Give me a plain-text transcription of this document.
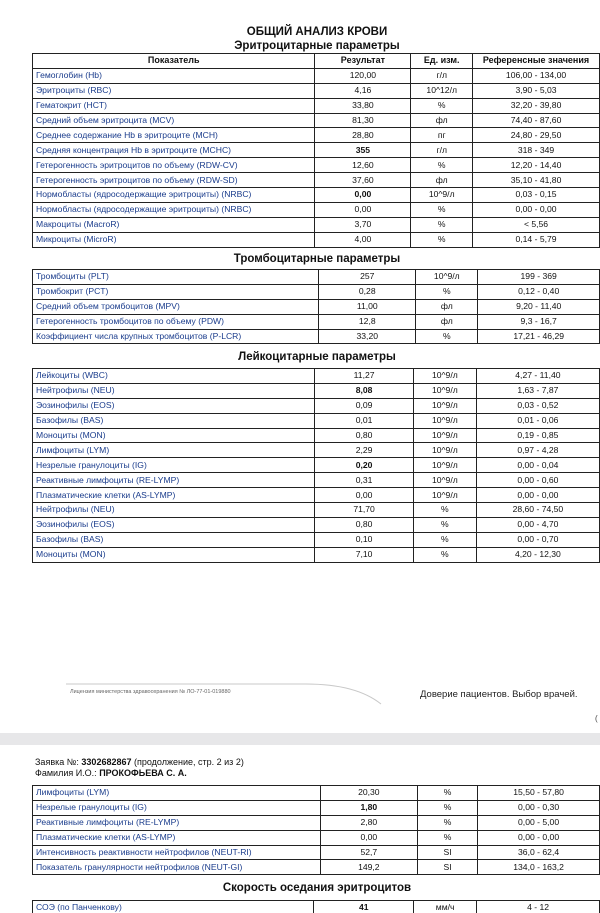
ОБЩИЙ АНАЛИЗ КРОВИ
Эритроцитарные параметры
Показатель	Результат	Ед. изм.	Референсные значения
Гемоглобин (Hb)	120,00	г/л	106,00 - 134,00
Эритроциты (RBC)	4,16	10^12/л	3,90 - 5,03
Гематокрит (HCT)	33,80	%	32,20 - 39,80
Средний объем эритроцита (MCV)	81,30	фл	74,40 - 87,60
Среднее содержание Hb в эритроците (MCH)	28,80	пг	24,80 - 29,50
Средняя концентрация Hb в эритроците (MCHC)	355	г/л	318 - 349
Гетерогенность эритроцитов по объему (RDW-CV)	12,60	%	12,20 - 14,40
Гетерогенность эритроцитов по объему (RDW-SD)	37,60	фл	35,10 - 41,80
Нормобласты (ядросодержащие эритроциты) (NRBC)	0,00	10^9/л	0,03 - 0,15
Нормобласты (ядросодержащие эритроциты) (NRBC)	0,00	%	0,00 - 0,00
Макроциты (MacroR)	3,70	%	< 5,56
Микроциты (MicroR)	4,00	%	0,14 - 5,79
Тромбоцитарные параметры
Тромбоциты (PLT)	257	10^9/л	199 - 369
Тромбокрит (PCT)	0,28	%	0,12 - 0,40
Средний объем тромбоцитов (MPV)	11,00	фл	9,20 - 11,40
Гетерогенность тромбоцитов по объему (PDW)	12,8	фл	9,3 - 16,7
Коэффициент числа крупных тромбоцитов (P-LCR)	33,20	%	17,21 - 46,29
Лейкоцитарные параметры
Лейкоциты (WBC)	11,27	10^9/л	4,27 - 11,40
Нейтрофилы (NEU)	8,08	10^9/л	1,63 - 7,87
Эозинофилы (EOS)	0,09	10^9/л	0,03 - 0,52
Базофилы (BAS)	0,01	10^9/л	0,01 - 0,06
Моноциты (MON)	0,80	10^9/л	0,19 - 0,85
Лимфоциты (LYM)	2,29	10^9/л	0,97 - 4,28
Незрелые гранулоциты (IG)	0,20	10^9/л	0,00 - 0,04
Реактивные лимфоциты (RE-LYMP)	0,31	10^9/л	0,00 - 0,60
Плазматические клетки (AS-LYMP)	0,00	10^9/л	0,00 - 0,00
Нейтрофилы (NEU)	71,70	%	28,60 - 74,50
Эозинофилы (EOS)	0,80	%	0,00 - 4,70
Базофилы (BAS)	0,10	%	0,00 - 0,70
Моноциты (MON)	7,10	%	4,20 - 12,30
Лицензия министерства здравоохранения № ЛО-77-01-019880	Доверие пациентов. Выбор врачей.
(
Заявка №: 3302682867 (продолжение, стр. 2 из 2)
Фамилия И.О.: ПРОКОФЬЕВА С. А.
Лимфоциты (LYM)	20,30	%	15,50 - 57,80
Незрелые гранулоциты (IG)	1,80	%	0,00 - 0,30
Реактивные лимфоциты (RE-LYMP)	2,80	%	0,00 - 5,00
Плазматические клетки (AS-LYMP)	0,00	%	0,00 - 0,00
Интенсивность реактивности нейтрофилов (NEUT-RI)	52,7	SI	36,0 - 62,4
Показатель гранулярности нейтрофилов (NEUT-GI)	149,2	SI	134,0 - 163,2
Скорость оседания эритроцитов
СОЭ (по Панченкову)	41	мм/ч	4 - 12
